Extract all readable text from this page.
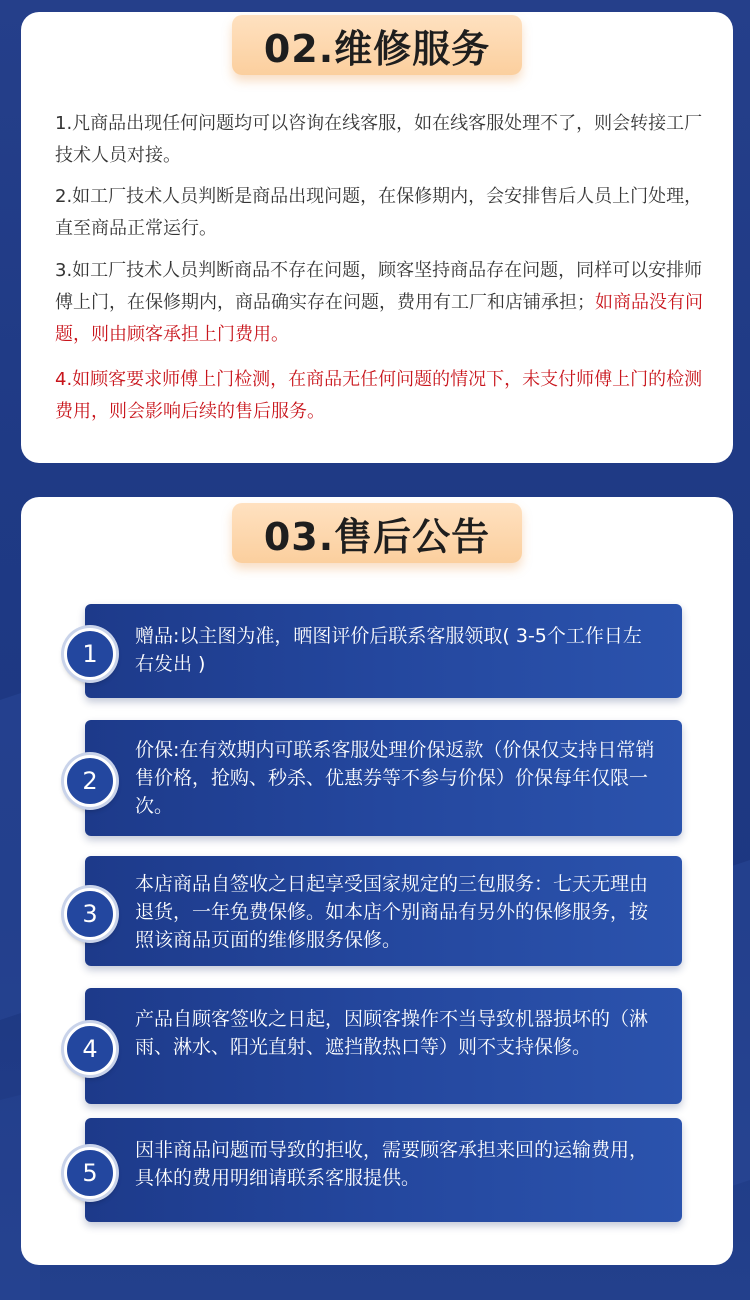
02.维修服务
1.凡商品出现任何问题均可以咨询在线客服，如在线客服处理不了，则会转接工厂技术人员对接。
2.如工厂技术人员判断是商品出现问题，在保修期内，会安排售后人员上门处理，直至商品正常运行。
3.如工厂技术人员判断商品不存在问题，顾客坚持商品存在问题，同样可以安排师傅上门，在保修期内，商品确实存在问题，费用有工厂和店铺承担；如商品没有问题，则由顾客承担上门费用。
4.如顾客要求师傅上门检测，在商品无任何问题的情况下，未支付师傅上门的检测费用，则会影响后续的售后服务。
03.售后公告
1
赠品:以主图为准，晒图评价后联系客服领取( 3-5个工作日左右发出 )
2
价保:在有效期内可联系客服处理价保返款（价保仅支持日常销售价格，抢购、秒杀、优惠券等不参与价保）价保每年仅限一次。
3
本店商品自签收之日起享受国家规定的三包服务：七天无理由退货，一年免费保修。如本店个别商品有另外的保修服务，按照该商品页面的维修服务保修。
4
产品自顾客签收之日起，因顾客操作不当导致机器损坏的（淋雨、淋水、阳光直射、遮挡散热口等）则不支持保修。
5
因非商品问题而导致的拒收，需要顾客承担来回的运输费用，具体的费用明细请联系客服提供。
